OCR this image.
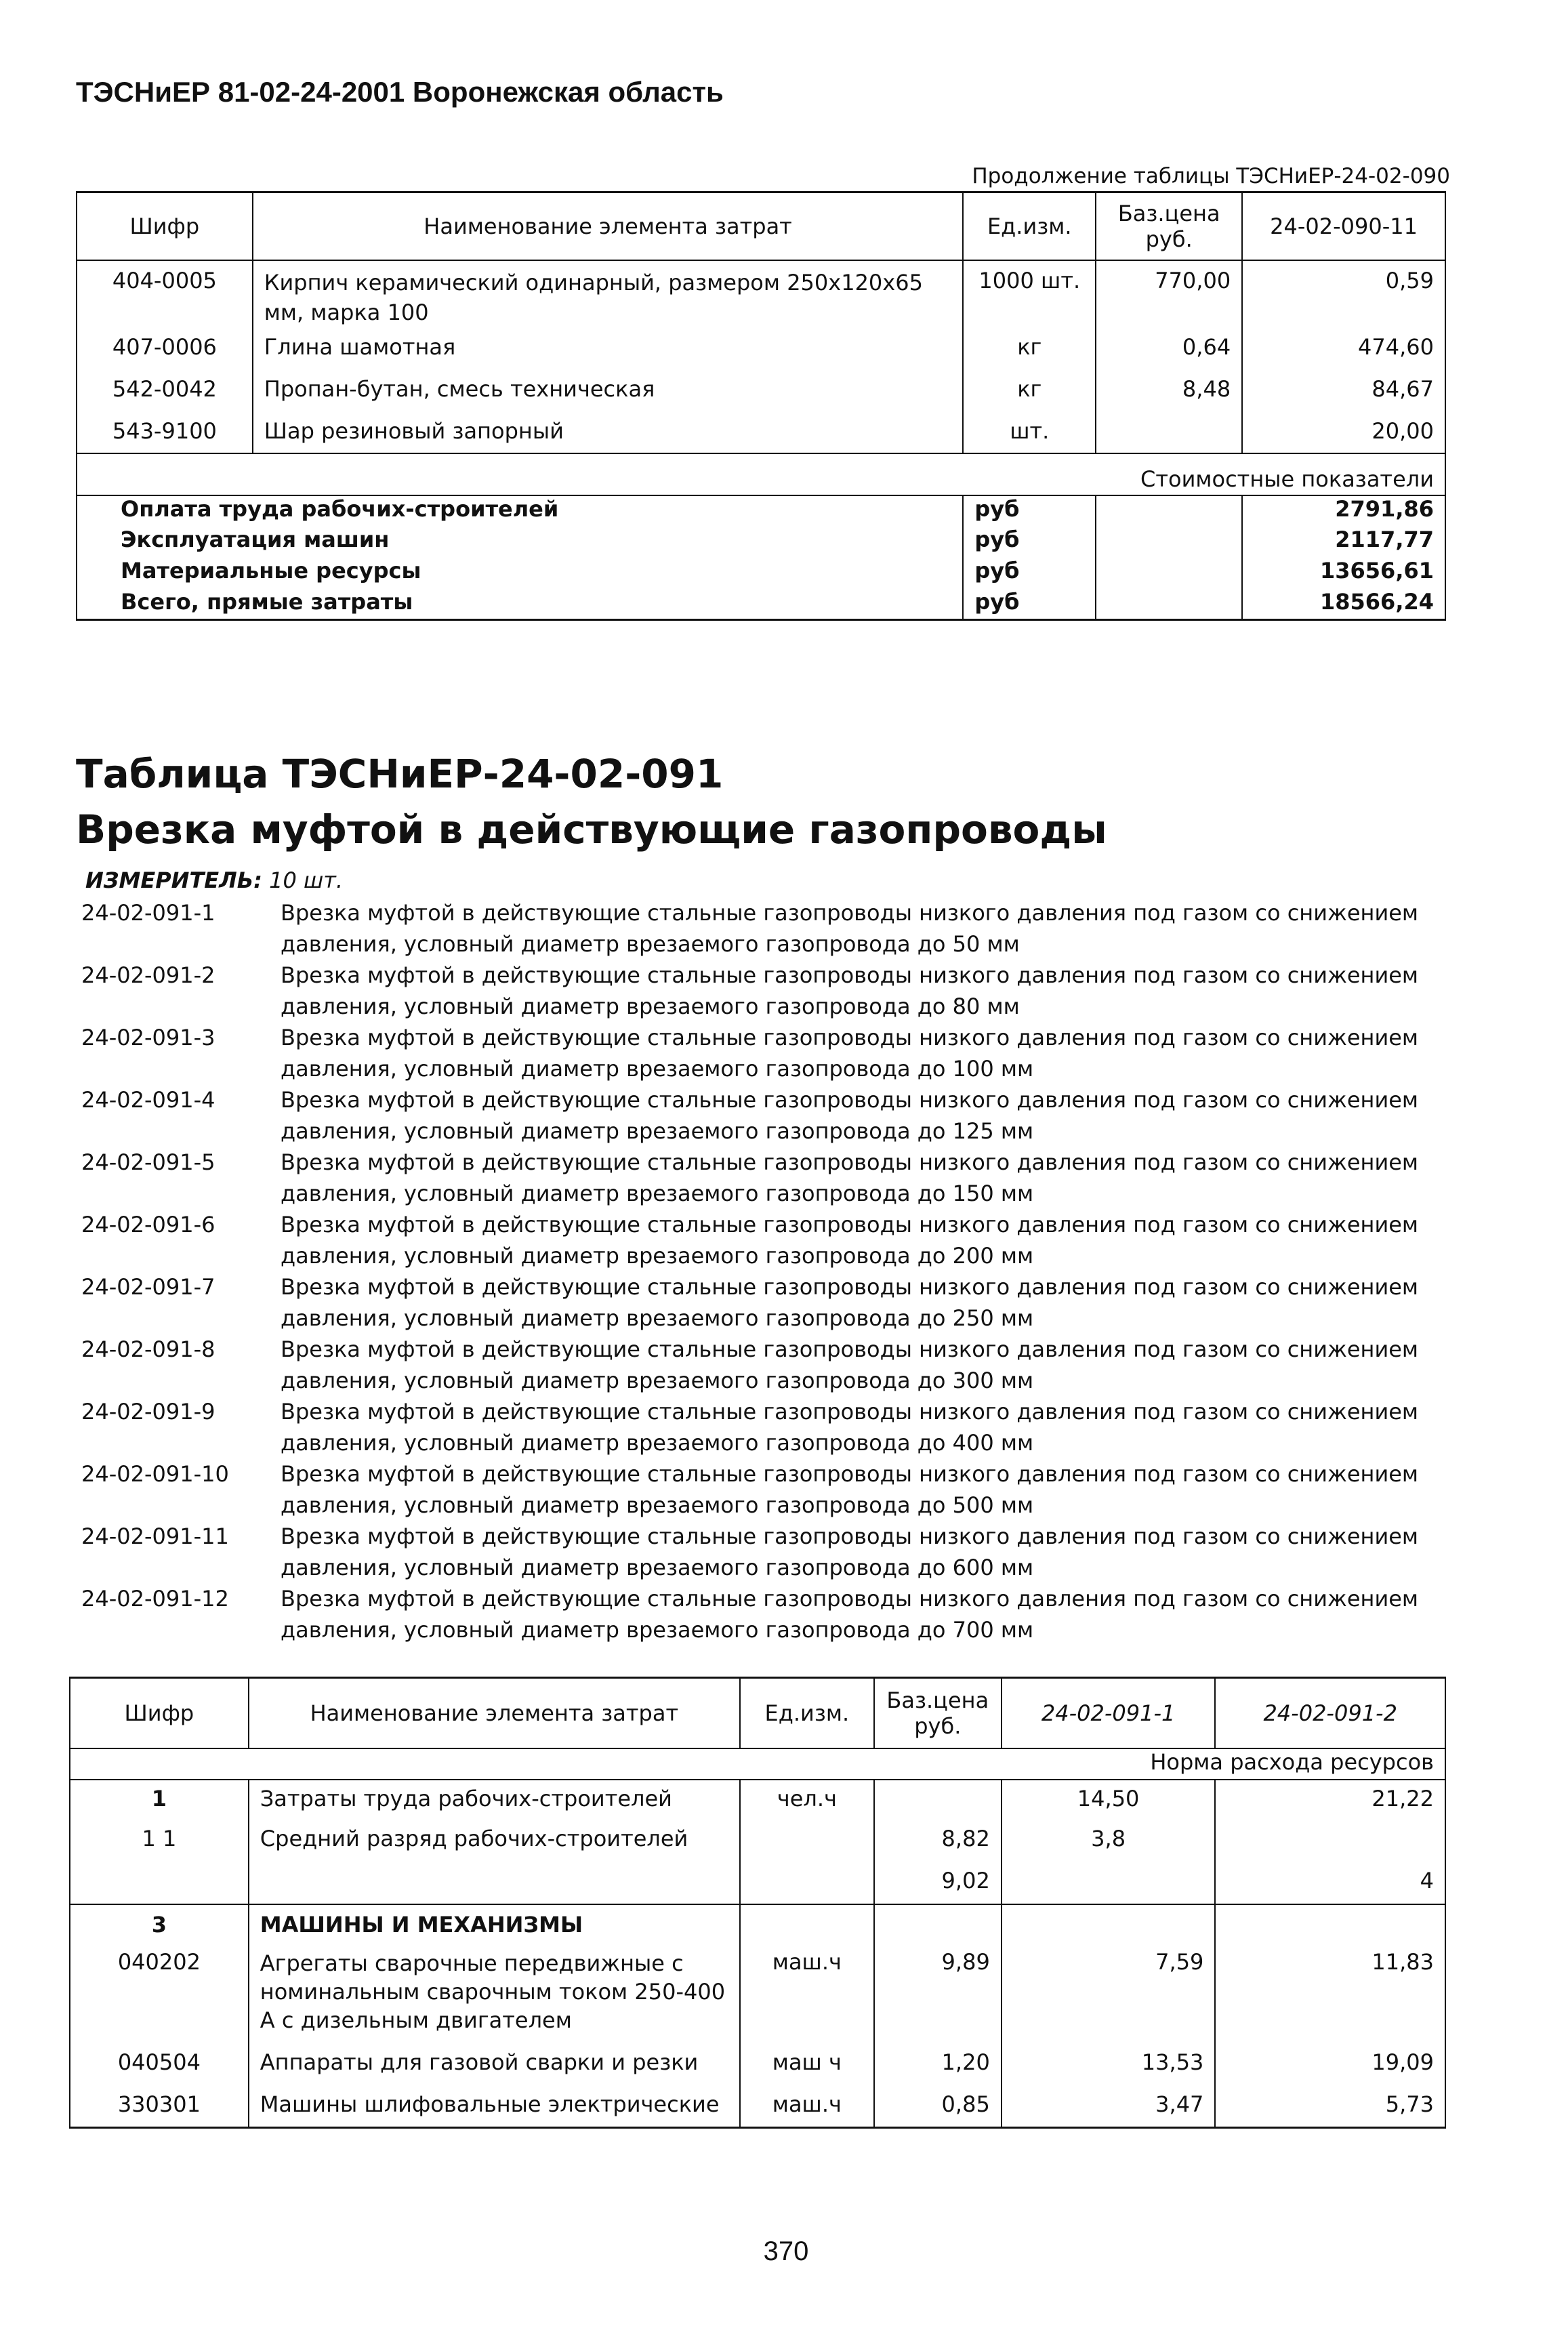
ТЭСНиЕР 81-02-24-2001 Воронежская область
Продолжение таблицы ТЭСНиЕР-24-02-090
Шифр	Наименование элемента затрат	Ед.изм.	Баз.цена руб.	24-02-090-11
404-0005	Кирпич керамический одинарный, размером 250х120х65 мм, марка 100	1000 шт.	770,00	0,59
407-0006	Глина шамотная	кг	0,64	474,60
542-0042	Пропан-бутан, смесь техническая	кг	8,48	84,67
543-9100	Шар резиновый запорный	шт.		20,00
Стоимостные показатели				
Оплата труда рабочих-строителей		руб		2791,86
Эксплуатация машин		руб		2117,77
Материальные ресурсы		руб		13656,61
Всего, прямые затраты		руб		18566,24
Таблица ТЭСНиЕР-24-02-091
Врезка муфтой в действующие газопроводы
ИЗМЕРИТЕЛЬ: 10 шт.
24-02-091-1	Врезка муфтой в действующие стальные газопроводы низкого давления под газом со снижением давления, условный диаметр врезаемого газопровода до 50 мм
24-02-091-2	Врезка муфтой в действующие стальные газопроводы низкого давления под газом со снижением давления, условный диаметр врезаемого газопровода до 80 мм
24-02-091-3	Врезка муфтой в действующие стальные газопроводы низкого давления под газом со снижением давления, условный диаметр врезаемого газопровода до 100 мм
24-02-091-4	Врезка муфтой в действующие стальные газопроводы низкого давления под газом со снижением давления, условный диаметр врезаемого газопровода до 125 мм
24-02-091-5	Врезка муфтой в действующие стальные газопроводы низкого давления под газом со снижением давления, условный диаметр врезаемого газопровода до 150 мм
24-02-091-6	Врезка муфтой в действующие стальные газопроводы низкого давления под газом со снижением давления, условный диаметр врезаемого газопровода до 200 мм
24-02-091-7	Врезка муфтой в действующие стальные газопроводы низкого давления под газом со снижением давления, условный диаметр врезаемого газопровода до 250 мм
24-02-091-8	Врезка муфтой в действующие стальные газопроводы низкого давления под газом со снижением давления, условный диаметр врезаемого газопровода до 300 мм
24-02-091-9	Врезка муфтой в действующие стальные газопроводы низкого давления под газом со снижением давления, условный диаметр врезаемого газопровода до 400 мм
24-02-091-10	Врезка муфтой в действующие стальные газопроводы низкого давления под газом со снижением давления, условный диаметр врезаемого газопровода до 500 мм
24-02-091-11	Врезка муфтой в действующие стальные газопроводы низкого давления под газом со снижением давления, условный диаметр врезаемого газопровода до 600 мм
24-02-091-12	Врезка муфтой в действующие стальные газопроводы низкого давления под газом со снижением давления, условный диаметр врезаемого газопровода до 700 мм
Шифр	Наименование элемента затрат	Ед.изм.	Баз.цена руб.	24-02-091-1	24-02-091-2
Норма расхода ресурсов					
1	Затраты труда рабочих-строителей	чел.ч		14,50	21,22
1 1	Средний разряд рабочих-строителей		8,82	3,8	
			9,02		4
3	МАШИНЫ И МЕХАНИЗМЫ				
040202	Агрегаты сварочные передвижные с номинальным сварочным током 250-400 А с дизельным двигателем	маш.ч	9,89	7,59	11,83
040504	Аппараты для газовой сварки и резки	маш ч	1,20	13,53	19,09
330301	Машины шлифовальные электрические	маш.ч	0,85	3,47	5,73
370
